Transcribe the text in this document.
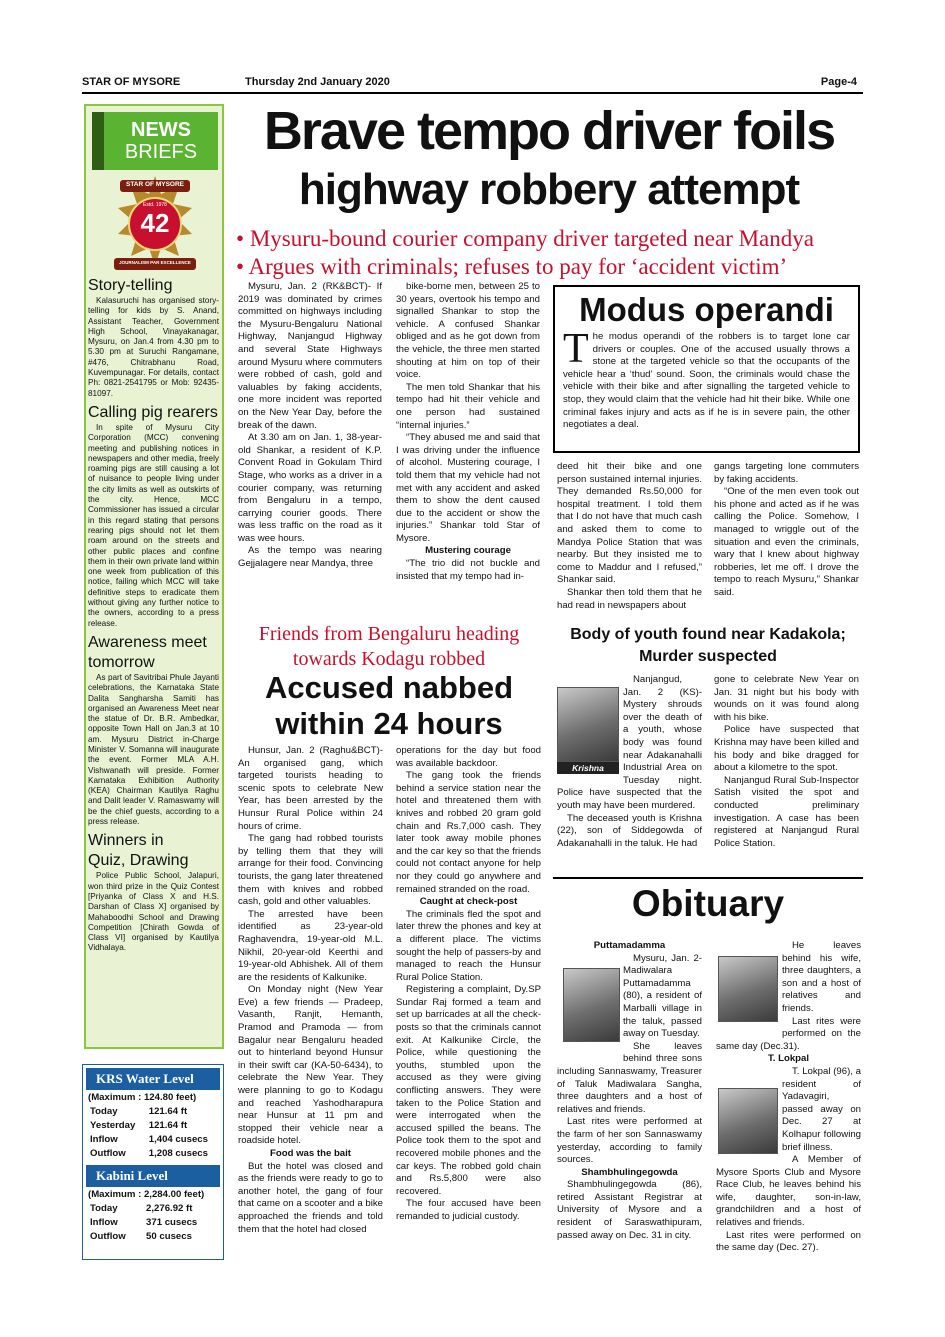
STAR OF MYSORE	Thursday 2nd January 2020	Page-4
NEWS
BRIEFS
STAR OF MYSORE
Estd. 1978
42
JOURNALISM PAR EXCELLENCE
Story-telling
Kalasuruchi has organised story-telling for kids by S. Anand, Assistant Teacher, Government High School, Vinayakanagar, Mysuru, on Jan.4 from 4.30 pm to 5.30 pm at Suruchi Rangamane, #476, Chitrabhanu Road, Kuvempunagar. For details, contact Ph: 0821-2541795 or Mob: 92435-81097.
Calling pig rearers
In spite of Mysuru City Corporation (MCC) convening meeting and publishing notices in newspapers and other media, freely roaming pigs are still causing a lot of nuisance to people living under the city limits as well as outskirts of the city. Hence, MCC Commissioner has issued a circular in this regard stating that persons rearing pigs should not let them roam around on the streets and other public places and confine them in their own private land within one week from publication of this notice, failing which MCC will take definitive steps to eradicate them without giving any further notice to the owners, according to a press release.
Awareness meet tomorrow
As part of Savitribai Phule Jayanti celebrations, the Karnataka State Dalita Sangharsha Samiti has organised an Awareness Meet near the statue of Dr. B.R. Ambedkar, opposite Town Hall on Jan.3 at 10 am. Mysuru District in-Charge Minister V. Somanna will inaugurate the event. Former MLA A.H. Vishwanath will preside. Former Karnataka Exhibition Authority (KEA) Chairman Kautilya Raghu and Dalit leader V. Ramaswamy will be the chief guests, according to a press release.
Winners in Quiz, Drawing
Police Public School, Jalapuri, won third prize in the Quiz Contest [Priyanka of Class X and H.S. Darshan of Class X] organised by Mahaboodhi School and Drawing Competition [Chirath Gowda of Class VI] organised by Kautilya Vidhalaya.
KRS Water Level
(Maximum : 124.80 feet)
Today	121.64 ft
Yesterday	121.64 ft
Inflow	1,404 cusecs
Outflow	1,208 cusecs
Kabini Level
(Maximum : 2,284.00 feet)
Today	2,276.92 ft
Inflow	371 cusecs
Outflow	50 cusecs
Brave tempo driver foils
highway robbery attempt
• Mysuru-bound courier company driver targeted near Mandya
• Argues with criminals; refuses to pay for ‘accident victim’

Mysuru, Jan. 2 (RK&BCT)- If 2019 was dominated by crimes committed on highways including the Mysuru-Bengaluru National Highway, Nanjangud Highway and several State Highways around Mysuru where commuters were robbed of cash, gold and valuables by faking accidents, one more incident was reported on the New Year Day, before the break of the dawn.

At 3.30 am on Jan. 1, 38-year-old Shankar, a resident of K.P. Convent Road in Gokulam Third Stage, who works as a driver in a courier company, was returning from Bengaluru in a tempo, carrying courier goods. There was less traffic on the road as it was wee hours.

As the tempo was nearing Gejjalagere near Mandya, three

bike-borne men, between 25 to 30 years, overtook his tempo and signalled Shankar to stop the vehicle. A confused Shankar obliged and as he got down from the vehicle, the three men started shouting at him on top of their voice.

The men told Shankar that his tempo had hit their vehicle and one person had sustained “internal injuries.”

“They abused me and said that I was driving under the influence of alcohol. Mustering courage, I told them that my vehicle had not met with any accident and asked them to show the dent caused due to the accident or show the injuries.” Shankar told Star of Mysore.

Mustering courage

“The trio did not buckle and insisted that my tempo had in-

Modus operandi
T he modus operandi of the robbers is to target lone car drivers or couples. One of the accused usually throws a stone at the targeted vehicle so that the occupants of the vehicle hear a ‘thud’ sound. Soon, the criminals would chase the vehicle with their bike and after signalling the targeted vehicle to stop, they would claim that the vehicle had hit their bike. While one criminal fakes injury and acts as if he is in severe pain, the other negotiates a deal.

deed hit their bike and one person sustained internal injuries. They demanded Rs.50,000 for hospital treatment. I told them that I do not have that much cash and asked them to come to Mandya Police Station that was nearby. But they insisted me to come to Maddur and I refused,” Shankar said.

Shankar then told them that he had read in newspapers about

gangs targeting lone commuters by faking accidents.

“One of the men even took out his phone and acted as if he was calling the Police. Somehow, I managed to wriggle out of the situation and even the criminals, wary that I knew about highway robberies, let me off. I drove the tempo to reach Mysuru,” Shankar said.

Friends from Bengaluru heading
towards Kodagu robbed
Accused nabbed
within 24 hours

Hunsur, Jan. 2 (Raghu&BCT)- An organised gang, which targeted tourists heading to scenic spots to celebrate New Year, has been arrested by the Hunsur Rural Police within 24 hours of crime.

The gang had robbed tourists by telling them that they will arrange for their food. Convincing tourists, the gang later threatened them with knives and robbed cash, gold and other valuables.

The arrested have been identified as 23-year-old Raghavendra, 19-year-old M.L. Nikhil, 20-year-old Keerthi and 19-year-old Abhishek. All of them are the residents of Kalkunike.

On Monday night (New Year Eve) a few friends — Pradeep, Vasanth, Ranjit, Hemanth, Pramod and Pramoda — from Bagalur near Bengaluru headed out to hinterland beyond Hunsur in their swift car (KA-50-6434), to celebrate the New Year. They were planning to go to Kodagu and reached Yashodharapura near Hunsur at 11 pm and stopped their vehicle near a roadside hotel.

Food was the bait

But the hotel was closed and as the friends were ready to go to another hotel, the gang of four that came on a scooter and a bike approached the friends and told them that the hotel had closed

operations for the day but food was available backdoor.

The gang took the friends behind a service station near the hotel and threatened them with knives and robbed 20 gram gold chain and Rs.7,000 cash. They later took away mobile phones and the car key so that the friends could not contact anyone for help nor they could go anywhere and remained stranded on the road.

Caught at check-post

The criminals fled the spot and later threw the phones and key at a different place. The victims sought the help of passers-by and managed to reach the Hunsur Rural Police Station.

Registering a complaint, Dy.SP Sundar Raj formed a team and set up barricades at all the check-posts so that the criminals cannot exit. At Kalkunike Circle, the Police, while questioning the youths, stumbled upon the accused as they were giving conflicting answers. They were taken to the Police Station and were interrogated when the accused spilled the beans. The Police took them to the spot and recovered mobile phones and the car keys. The robbed gold chain and Rs.5,800 were also recovered.

The four accused have been remanded to judicial custody.

Body of youth found near Kadakola;
Murder suspected
Krishna

Nanjangud, Jan. 2 (KS)- Mystery shrouds over the death of a youth, whose body was found near Adakanahalli Industrial Area on Tuesday night. Police have suspected that the youth may have been murdered.

The deceased youth is Krishna (22), son of Siddegowda of Adakanahalli in the taluk. He had

gone to celebrate New Year on Jan. 31 night but his body with wounds on it was found along with his bike.

Police have suspected that Krishna may have been killed and his body and bike dragged for about a kilometre to the spot.

Nanjangud Rural Sub-Inspector Satish visited the spot and conducted preliminary investigation. A case has been registered at Nanjangud Rural Police Station.

Obituary
Puttamadamma

Mysuru, Jan. 2- Madiwalara Puttamadamma (80), a resident of Marballi village in the taluk, passed away on Tuesday.

She leaves behind three sons including Sannaswamy, Treasurer of Taluk Madiwalara Sangha, three daughters and a host of relatives and friends.

Last rites were performed at the farm of her son Sannaswamy yesterday, according to family sources.

Shambhulingegowda

Shambhulingegowda (86), retired Assistant Registrar at University of Mysore and a resident of Saraswathipuram, passed away on Dec. 31 in city.

He leaves behind his wife, three daughters, a son and a host of relatives and friends.

Last rites were performed on the same day (Dec.31).

T. Lokpal

T. Lokpal (96), a resident of Yadavagiri, passed away on Dec. 27 at Kolhapur following brief illness.

A Member of Mysore Sports Club and Mysore Race Club, he leaves behind his wife, daughter, son-in-law, grandchildren and a host of relatives and friends.

Last rites were performed on the same day (Dec. 27).
